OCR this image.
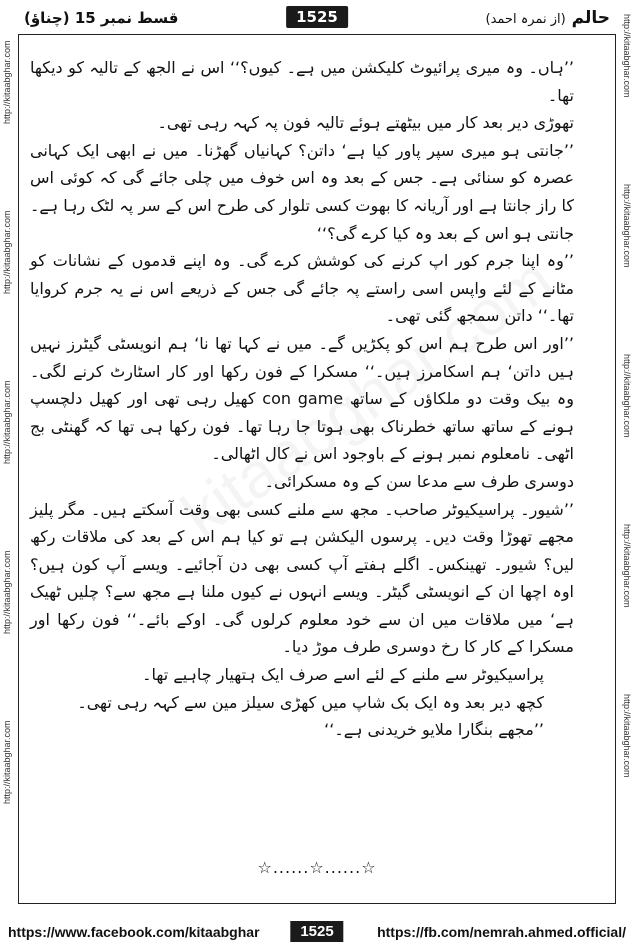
قسط نمبر 15 (چناؤ)	1525	حالم (از نمرہ احمد)
http://kitaabghar.com
http://kitaabghar.com
http://kitaabghar.com
http://kitaabghar.com
http://kitaabghar.com
http://kitaabghar.com
http://kitaabghar.com
http://kitaabghar.com
http://kitaabghar.com
http://kitaabghar.com

’’ہاں۔ وہ میری پرائیوٹ کلیکشن میں ہے۔ کیوں؟‘‘ اس نے الجھ کے تالیہ کو دیکھا تھا۔

تھوڑی دیر بعد کار میں بیٹھتے ہوئے تالیہ فون پہ کہہ رہی تھی۔

’’جانتی ہو میری سپر پاور کیا ہے‘ داتن؟ کہانیاں گھڑنا۔ میں نے ابھی ایک کہانی عصرہ کو سنائی ہے۔ جس کے بعد وہ اس خوف میں چلی جائے گی کہ کوئی اس کا راز جانتا ہے اور آریانہ کا بھوت کسی تلوار کی طرح اس کے سر پہ لٹک رہا ہے۔ جانتی ہو اس کے بعد وہ کیا کرے گی؟‘‘

’’وہ اپنا جرم کور اپ کرنے کی کوشش کرے گی۔ وہ اپنے قدموں کے نشانات کو مٹانے کے لئے واپس اسی راستے پہ جائے گی جس کے ذریعے اس نے یہ جرم کروایا تھا۔‘‘ داتن سمجھ گئی تھی۔

’’اور اس طرح ہم اس کو پکڑیں گے۔ میں نے کہا تھا نا‘ ہم انویسٹی گیٹرز نہیں ہیں داتن‘ ہم اسکامرز ہیں۔‘‘ مسکرا کے فون رکھا اور کار اسٹارٹ کرنے لگی۔ وہ بیک وقت دو ملکاؤں کے ساتھ con game کھیل رہی تھی اور کھیل دلچسپ ہونے کے ساتھ ساتھ خطرناک بھی ہوتا جا رہا تھا۔ فون رکھا ہی تھا کہ گھنٹی بج اٹھی۔ نامعلوم نمبر ہونے کے باوجود اس نے کال اٹھالی۔

دوسری طرف سے مدعا سن کے وہ مسکرائی۔

’’شیور۔ پراسیکیوٹر صاحب۔ مجھ سے ملنے کسی بھی وقت آسکتے ہیں۔ مگر پلیز مجھے تھوڑا وقت دیں۔ پرسوں الیکشن ہے تو کیا ہم اس کے بعد کی ملاقات رکھ لیں؟ شیور۔ تھینکس۔ اگلے ہفتے آپ کسی بھی دن آجائیے۔ ویسے آپ کون ہیں؟ اوہ اچھا ان کے انویسٹی گیٹر۔ ویسے انہوں نے کیوں ملنا ہے مجھ سے؟ چلیں ٹھیک ہے‘ میں ملاقات میں ان سے خود معلوم کرلوں گی۔ اوکے بائے۔‘‘ فون رکھا اور مسکرا کے کار کا رخ دوسری طرف موڑ دیا۔

پراسیکیوٹر سے ملنے کے لئے اسے صرف ایک ہتھیار چاہیے تھا۔

کچھ دیر بعد وہ ایک بک شاپ میں کھڑی سیلز مین سے کہہ رہی تھی۔

’’مجھے بنگارا ملایو خریدنی ہے۔‘‘

☆......☆......☆
https://www.facebook.com/kitaabghar	1525	https://fb.com/nemrah.ahmed.official/
